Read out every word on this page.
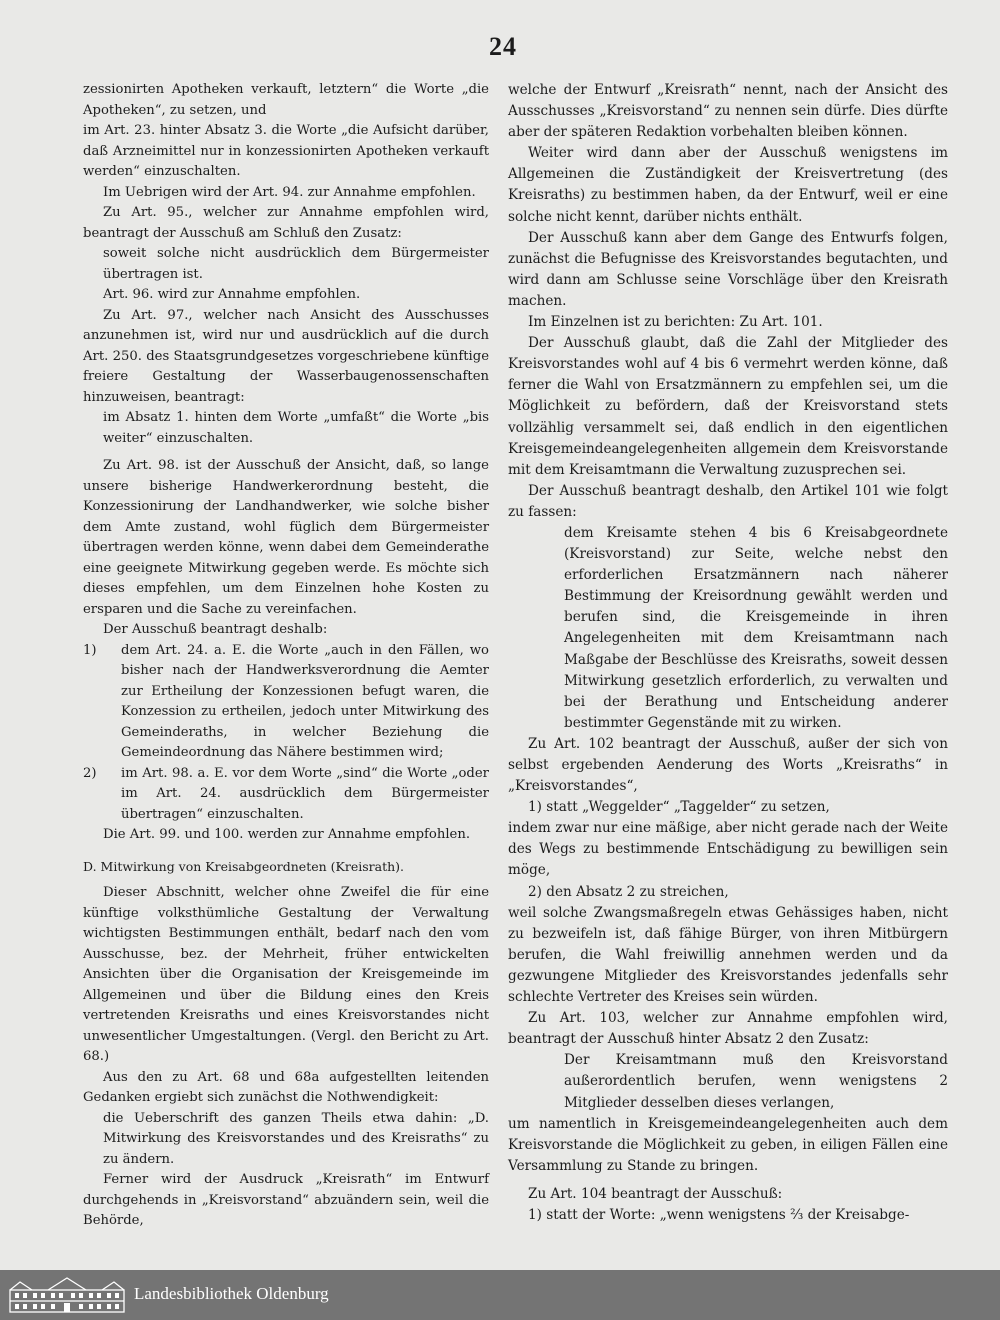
24

zessionirten Apotheken verkauft, letztern“ die Worte „die Apotheken“, zu setzen, und

im Art. 23. hinter Absatz 3. die Worte „die Aufsicht darüber, daß Arzneimittel nur in konzessionirten Apotheken verkauft werden“ einzuschalten.

Im Uebrigen wird der Art. 94. zur Annahme empfohlen.

Zu Art. 95., welcher zur Annahme empfohlen wird, beantragt der Ausschuß am Schluß den Zusatz:

soweit solche nicht ausdrücklich dem Bürgermeister übertragen ist.

Art. 96. wird zur Annahme empfohlen.

Zu Art. 97., welcher nach Ansicht des Ausschusses anzunehmen ist, wird nur und ausdrücklich auf die durch Art. 250. des Staatsgrundgesetzes vorgeschriebene künftige freiere Gestaltung der Wasserbaugenossenschaften hinzuweisen, beantragt:

im Absatz 1. hinten dem Worte „umfaßt“ die Worte „bis weiter“ einzuschalten.

Zu Art. 98. ist der Ausschuß der Ansicht, daß, so lange unsere bisherige Handwerkerordnung besteht, die Konzessionirung der Landhandwerker, wie solche bisher dem Amte zustand, wohl füglich dem Bürgermeister übertragen werden könne, wenn dabei dem Gemeinderathe eine geeignete Mitwirkung gegeben werde. Es möchte sich dieses empfehlen, um dem Einzelnen hohe Kosten zu ersparen und die Sache zu vereinfachen.

Der Ausschuß beantragt deshalb:

1) dem Art. 24. a. E. die Worte „auch in den Fällen, wo bisher nach der Handwerksverordnung die Aemter zur Ertheilung der Konzessionen befugt waren, die Konzession zu ertheilen, jedoch unter Mitwirkung des Gemeinderaths, in welcher Beziehung die Gemeindeordnung das Nähere bestimmen wird;

2) im Art. 98. a. E. vor dem Worte „sind“ die Worte „oder im Art. 24. ausdrücklich dem Bürgermeister übertragen“ einzuschalten.

Die Art. 99. und 100. werden zur Annahme empfohlen.

D. Mitwirkung von Kreisabgeordneten (Kreisrath).

Dieser Abschnitt, welcher ohne Zweifel die für eine künftige volksthümliche Gestaltung der Verwaltung wichtigsten Bestimmungen enthält, bedarf nach den vom Ausschusse, bez. der Mehrheit, früher entwickelten Ansichten über die Organisation der Kreisgemeinde im Allgemeinen und über die Bildung eines den Kreis vertretenden Kreisraths und eines Kreisvorstandes nicht unwesentlicher Umgestaltungen. (Vergl. den Bericht zu Art. 68.)

Aus den zu Art. 68 und 68a aufgestellten leitenden Gedanken ergiebt sich zunächst die Nothwendigkeit:

die Ueberschrift des ganzen Theils etwa dahin: „D. Mitwirkung des Kreisvorstandes und des Kreisraths“ zu zu ändern.

Ferner wird der Ausdruck „Kreisrath“ im Entwurf durchgehends in „Kreisvorstand“ abzuändern sein, weil die Behörde,

welche der Entwurf „Kreisrath“ nennt, nach der Ansicht des Ausschusses „Kreisvorstand“ zu nennen sein dürfe. Dies dürfte aber der späteren Redaktion vorbehalten bleiben können.

Weiter wird dann aber der Ausschuß wenigstens im Allgemeinen die Zuständigkeit der Kreisvertretung (des Kreisraths) zu bestimmen haben, da der Entwurf, weil er eine solche nicht kennt, darüber nichts enthält.

Der Ausschuß kann aber dem Gange des Entwurfs folgen, zunächst die Befugnisse des Kreisvorstandes begutachten, und wird dann am Schlusse seine Vorschläge über den Kreisrath machen.

Im Einzelnen ist zu berichten: Zu Art. 101.

Der Ausschuß glaubt, daß die Zahl der Mitglieder des Kreisvorstandes wohl auf 4 bis 6 vermehrt werden könne, daß ferner die Wahl von Ersatzmännern zu empfehlen sei, um die Möglichkeit zu befördern, daß der Kreisvorstand stets vollzählig versammelt sei, daß endlich in den eigentlichen Kreisgemeindeangelegenheiten allgemein dem Kreisvorstande mit dem Kreisamtmann die Verwaltung zuzusprechen sei.

Der Ausschuß beantragt deshalb, den Artikel 101 wie folgt zu fassen:

dem Kreisamte stehen 4 bis 6 Kreisabgeordnete (Kreisvorstand) zur Seite, welche nebst den erforderlichen Ersatzmännern nach näherer Bestimmung der Kreisordnung gewählt werden und berufen sind, die Kreisgemeinde in ihren Angelegenheiten mit dem Kreisamtmann nach Maßgabe der Beschlüsse des Kreisraths, soweit dessen Mitwirkung gesetzlich erforderlich, zu verwalten und bei der Berathung und Entscheidung anderer bestimmter Gegenstände mit zu wirken.

Zu Art. 102 beantragt der Ausschuß, außer der sich von selbst ergebenden Aenderung des Worts „Kreisraths“ in „Kreisvorstandes“,

1) statt „Weggelder“ „Taggelder“ zu setzen,

indem zwar nur eine mäßige, aber nicht gerade nach der Weite des Wegs zu bestimmende Entschädigung zu bewilligen sein möge,

2) den Absatz 2 zu streichen,

weil solche Zwangsmaßregeln etwas Gehässiges haben, nicht zu bezweifeln ist, daß fähige Bürger, von ihren Mitbürgern berufen, die Wahl freiwillig annehmen werden und da gezwungene Mitglieder des Kreisvorstandes jedenfalls sehr schlechte Vertreter des Kreises sein würden.

Zu Art. 103, welcher zur Annahme empfohlen wird, beantragt der Ausschuß hinter Absatz 2 den Zusatz:

Der Kreisamtmann muß den Kreisvorstand außerordentlich berufen, wenn wenigstens 2 Mitglieder desselben dieses verlangen,

um namentlich in Kreisgemeindeangelegenheiten auch dem Kreisvorstande die Möglichkeit zu geben, in eiligen Fällen eine Versammlung zu Stande zu bringen.

Zu Art. 104 beantragt der Ausschuß:

1) statt der Worte: „wenn wenigstens ⅔ der Kreisabge-

Landesbibliothek Oldenburg
